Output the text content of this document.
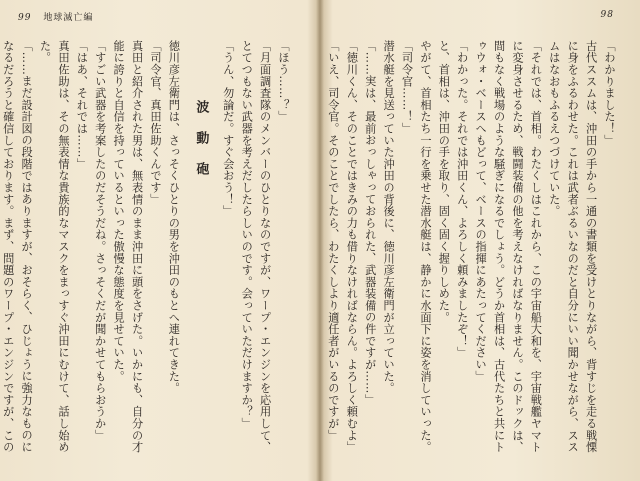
98

「わかりました！」

古代ススムは、沖田の手から一通の書類を受けとりながら、背すじを走る戦慄に身をふるわせた。これは武者ぶるいなのだと自分にいい聞かせながら、ススムはなおもふるえつづけていた。

「それでは、首相。わたくしはこれから、この宇宙船大和を、宇宙戦艦ヤマトに変身させるため、戦闘装備の他を考えなければなりません。このドックは、間もなく戦場のような騒ぎになるでしょう。どうか首相は、古代たちと共にトゥウォ・ベースへもどって、ベースの指揮にあたってください」

「わかった。それでは沖田くん、よろしく頼みましたぞ！」

と、首相は、沖田の手を取り、固く固く握りしめた。

やがて、首相たち一行を乗せた潜水艇は、静かに水面下に姿を消していった。

「司令官……！」

潜水艇を見送っていた沖田の背後に、徳川彦左衛門が立っていた。

「……実は、最前おっしゃっておられた、武器装備の件ですが……」

「徳川くん、そのことではきみの力も借りなければならん。よろしく頼むよ」

「いえ、司令官。そのことでしたら、わたくしより適任者がいるのですが」

99 地球滅亡編

「ほう……？」

「月面調査隊のメンバーのひとりなのですが、ワープ・エンジンを応用して、とてつもない武器を考えだしたらしいのです。会っていただけますか？」

「うん、勿論だ。すぐ会おう！」

波動砲

徳川彦左衛門は、さっそくひとりの男を沖田のもとへ連れてきた。

「司令官、真田佐助くんです」

真田と紹介された男は、無表情のまま沖田に頭をさげた。いかにも、自分の才能に誇りと自信を持っているといった傲慢な態度を見せていた。

「すごい武器を考案したのだそうだね。さっそくだが聞かせてもらおうか」

「はあ、それでは……」

真田佐助は、その無表情な貴族的なマスクをまっすぐ沖田にむけて、話し始めた。

「……まだ設計図の段階ではありますが、おそらく、ひじょうに強力なものになるだろうと確信しております。まず、問題のワープ・エンジンですが、この
